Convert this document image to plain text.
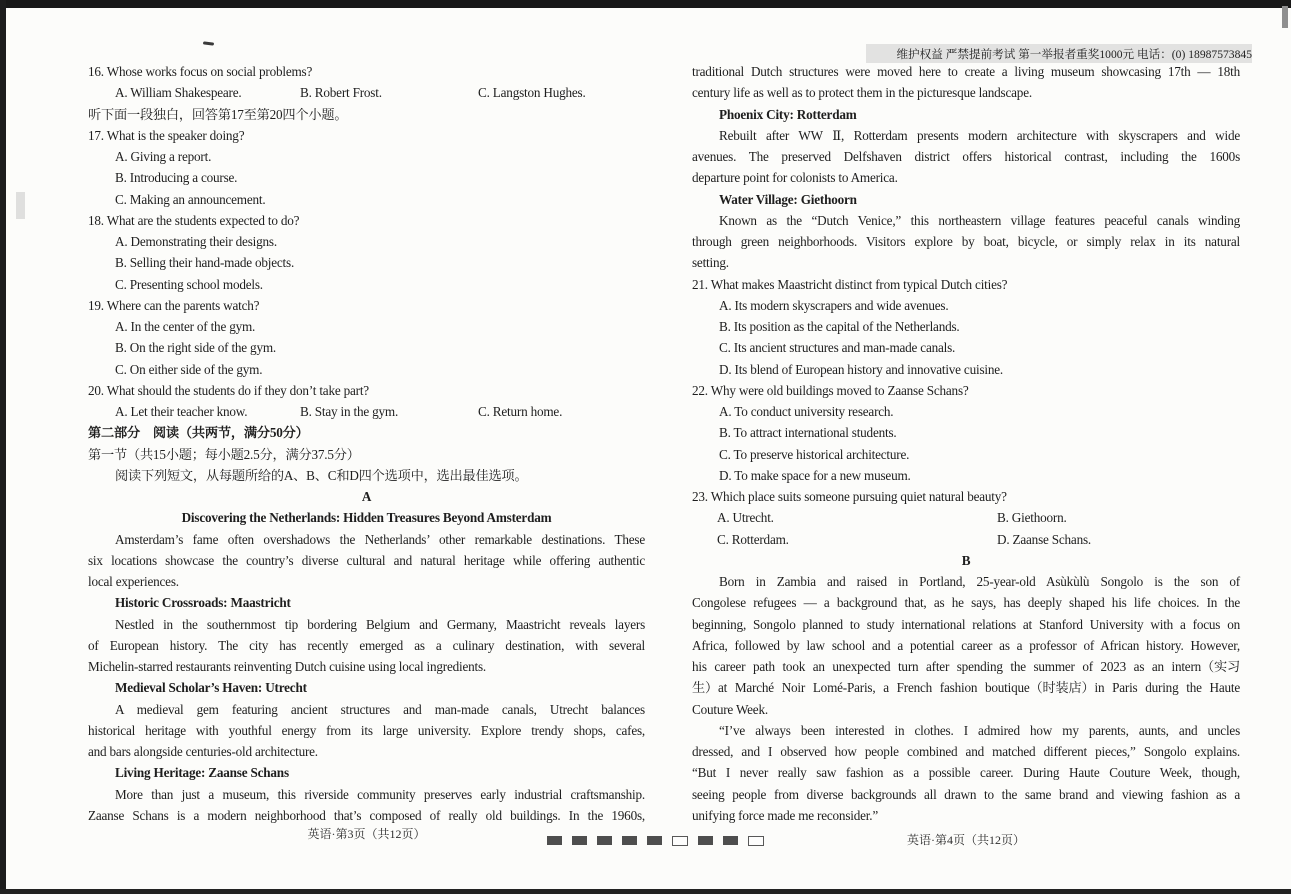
维护权益 严禁提前考试 第一举报者重奖1000元 电话：(0) 18987573845
16. Whose works focus on social problems?
A. William Shakespeare.	B. Robert Frost.	C. Langston Hughes.
听下面一段独白，回答第17至第20四个小题。
17. What is the speaker doing?
A. Giving a report.
B. Introducing a course.
C. Making an announcement.
18. What are the students expected to do?
A. Demonstrating their designs.
B. Selling their hand-made objects.
C. Presenting school models.
19. Where can the parents watch?
A. In the center of the gym.
B. On the right side of the gym.
C. On either side of the gym.
20. What should the students do if they don’t take part?
A. Let their teacher know.	B. Stay in the gym.	C. Return home.
第二部分　阅读（共两节，满分50分）
第一节（共15小题；每小题2.5分，满分37.5分）
阅读下列短文，从每题所给的A、B、C和D四个选项中，选出最佳选项。
A
Discovering the Netherlands: Hidden Treasures Beyond Amsterdam
Amsterdam’s fame often overshadows the Netherlands’ other remarkable destinations. These
six locations showcase the country’s diverse cultural and natural heritage while offering authentic
local experiences.
Historic Crossroads: Maastricht
Nestled in the southernmost tip bordering Belgium and Germany, Maastricht reveals layers
of European history. The city has recently emerged as a culinary destination, with several
Michelin-starred restaurants reinventing Dutch cuisine using local ingredients.
Medieval Scholar’s Haven: Utrecht
A medieval gem featuring ancient structures and man-made canals, Utrecht balances
historical heritage with youthful energy from its large university. Explore trendy shops, cafes,
and bars alongside centuries-old architecture.
Living Heritage: Zaanse Schans
More than just a museum, this riverside community preserves early industrial craftsmanship.
Zaanse Schans is a modern neighborhood that’s composed of really old buildings. In the 1960s,
traditional Dutch structures were moved here to create a living museum showcasing 17th — 18th
century life as well as to protect them in the picturesque landscape.
Phoenix City: Rotterdam
Rebuilt after WW Ⅱ, Rotterdam presents modern architecture with skyscrapers and wide
avenues. The preserved Delfshaven district offers historical contrast, including the 1600s
departure point for colonists to America.
Water Village: Giethoorn
Known as the “Dutch Venice,” this northeastern village features peaceful canals winding
through green neighborhoods. Visitors explore by boat, bicycle, or simply relax in its natural
setting.
21. What makes Maastricht distinct from typical Dutch cities?
A. Its modern skyscrapers and wide avenues.
B. Its position as the capital of the Netherlands.
C. Its ancient structures and man-made canals.
D. Its blend of European history and innovative cuisine.
22. Why were old buildings moved to Zaanse Schans?
A. To conduct university research.
B. To attract international students.
C. To preserve historical architecture.
D. To make space for a new museum.
23. Which place suits someone pursuing quiet natural beauty?
A. Utrecht.	B. Giethoorn.
C. Rotterdam.	D. Zaanse Schans.
B
Born in Zambia and raised in Portland, 25-year-old Asùkùlù Songolo is the son of
Congolese refugees — a background that, as he says, has deeply shaped his life choices. In the
beginning, Songolo planned to study international relations at Stanford University with a focus on
Africa, followed by law school and a potential career as a professor of African history. However,
his career path took an unexpected turn after spending the summer of 2023 as an intern（实习
生）at Marché Noir Lomé-Paris, a French fashion boutique（时装店）in Paris during the Haute
Couture Week.
“I’ve always been interested in clothes. I admired how my parents, aunts, and uncles
dressed, and I observed how people combined and matched different pieces,” Songolo explains.
“But I never really saw fashion as a possible career. During Haute Couture Week, though,
seeing people from diverse backgrounds all drawn to the same brand and viewing fashion as a
unifying force made me reconsider.”
英语·第3页（共12页）	英语·第4页（共12页）
